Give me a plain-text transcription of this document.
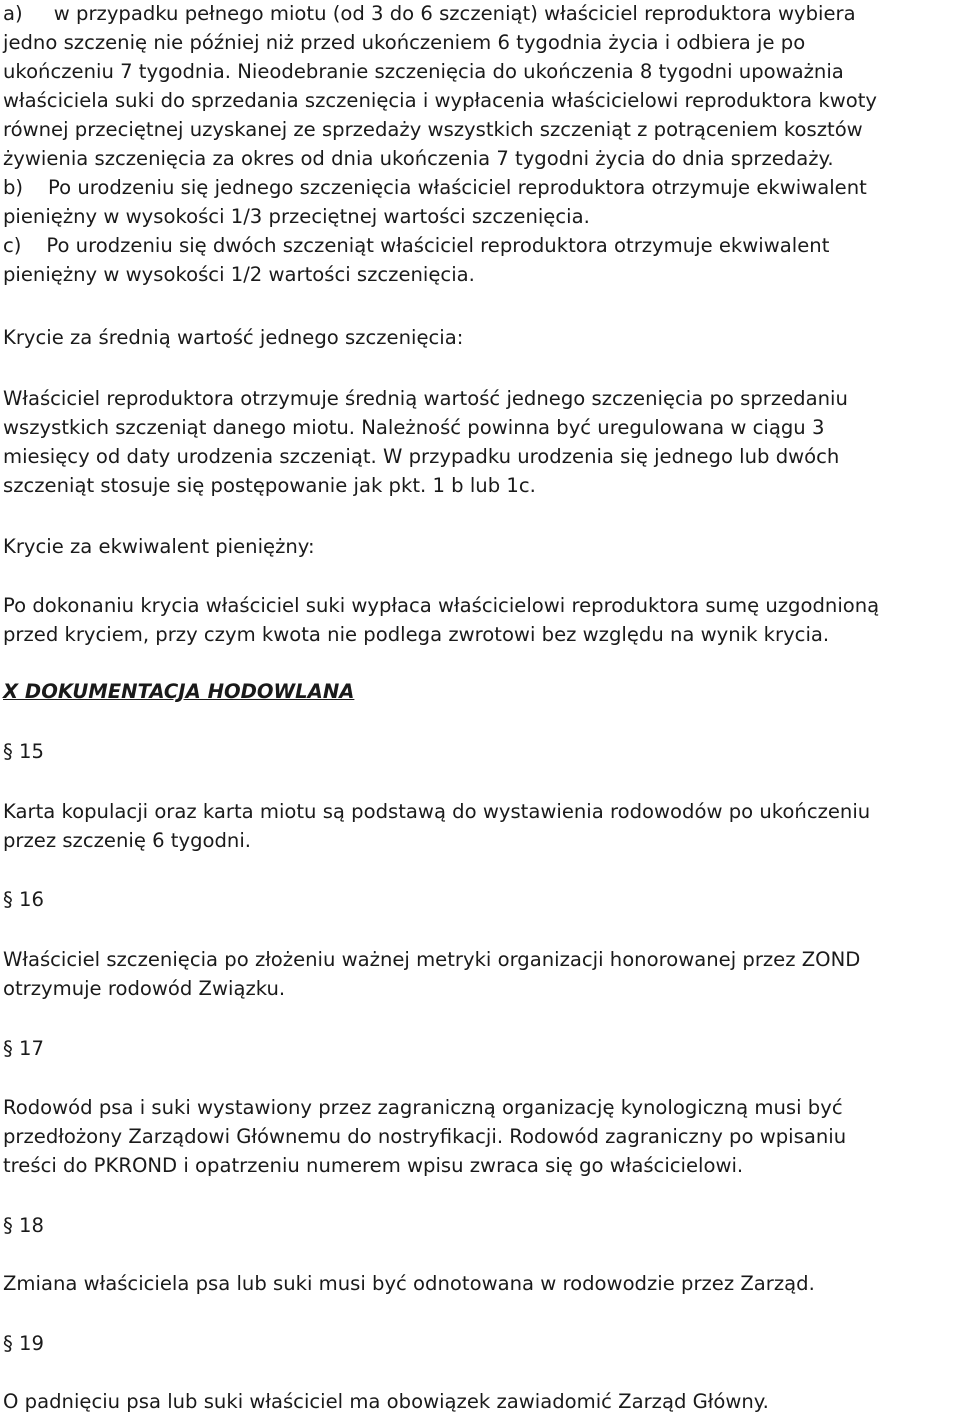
a)     w przypadku pełnego miotu (od 3 do 6 szczeniąt) właściciel reproduktora wybiera
jedno szczenię nie później niż przed ukończeniem 6 tygodnia życia i odbiera je po
ukończeniu 7 tygodnia. Nieodebranie szczenięcia do ukończenia 8 tygodni upoważnia
właściciela suki do sprzedania szczenięcia i wypłacenia właścicielowi reproduktora kwoty
równej przeciętnej uzyskanej ze sprzedaży wszystkich szczeniąt z potrąceniem kosztów
żywienia szczenięcia za okres od dnia ukończenia 7 tygodni życia do dnia sprzedaży.
b)    Po urodzeniu się jednego szczenięcia właściciel reproduktora otrzymuje ekwiwalent
pieniężny w wysokości 1/3 przeciętnej wartości szczenięcia.
c)    Po urodzeniu się dwóch szczeniąt właściciel reproduktora otrzymuje ekwiwalent
pieniężny w wysokości 1/2 wartości szczenięcia.
Krycie za średnią wartość jednego szczenięcia:
Właściciel reproduktora otrzymuje średnią wartość jednego szczenięcia po sprzedaniu
wszystkich szczeniąt danego miotu. Należność powinna być uregulowana w ciągu 3
miesięcy od daty urodzenia szczeniąt. W przypadku urodzenia się jednego lub dwóch
szczeniąt stosuje się postępowanie jak pkt. 1 b lub 1c.
Krycie za ekwiwalent pieniężny:
Po dokonaniu krycia właściciel suki wypłaca właścicielowi reproduktora sumę uzgodnioną
przed kryciem, przy czym kwota nie podlega zwrotowi bez względu na wynik krycia.
X DOKUMENTACJA HODOWLANA
§ 15
Karta kopulacji oraz karta miotu są podstawą do wystawienia rodowodów po ukończeniu
przez szczenię 6 tygodni.
§ 16
Właściciel szczenięcia po złożeniu ważnej metryki organizacji honorowanej przez ZOND
otrzymuje rodowód Związku.
§ 17
Rodowód psa i suki wystawiony przez zagraniczną organizację kynologiczną musi być
przedłożony Zarządowi Głównemu do nostryfikacji. Rodowód zagraniczny po wpisaniu
treści do PKROND i opatrzeniu numerem wpisu zwraca się go właścicielowi.
§ 18
Zmiana właściciela psa lub suki musi być odnotowana w rodowodzie przez Zarząd.
§ 19
O padnięciu psa lub suki właściciel ma obowiązek zawiadomić Zarząd Główny.
